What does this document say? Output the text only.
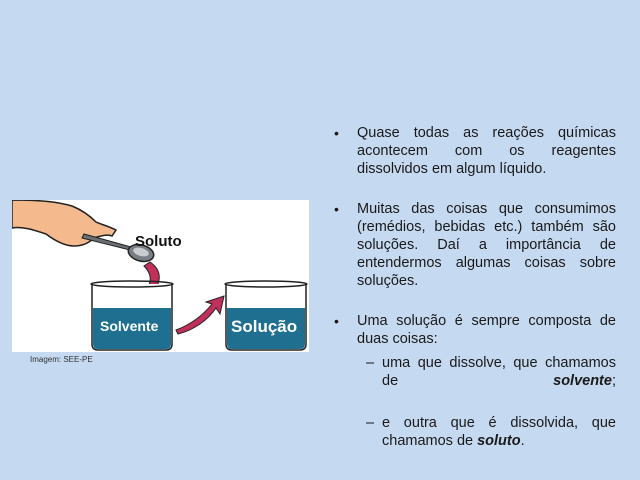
Soluto
Solvente	Solução
Imagem: SEE-PE
• Quase todas as reações químicas acontecem com os reagentes dissolvidos em algum líquido.
• Muitas das coisas que consumimos (remédios, bebidas etc.) também são soluções. Daí a importância de entendermos algumas coisas sobre soluções.
• Uma solução é sempre composta de duas coisas:
– uma que dissolve, que chamamos de solvente;
– e outra que é dissolvida, que chamamos de soluto.
